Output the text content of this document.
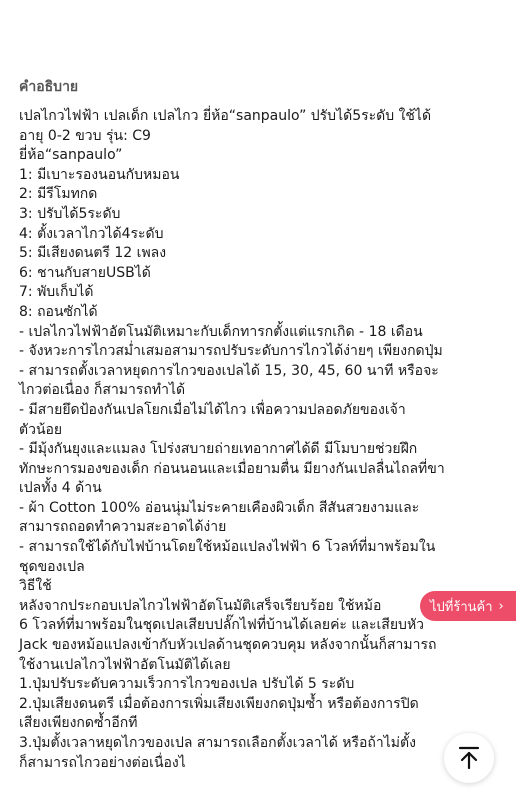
คำอธิบาย
เปลไกวไฟฟ้า เปลเด็ก เปลไกว ยี่ห้อ“sanpaulo” ปรับได้5ระดับ ใช้ได้
อายุ 0-2 ขวบ รุ่น: C9
ยี่ห้อ“sanpaulo”
1: มีเบาะรองนอนกับหมอน
2: มีรีโมทกด
3: ปรับได้5ระดับ
4: ตั้งเวลาไกวได้4ระดับ
5: มีเสียงดนตรี 12 เพลง
6: ชานกับสายUSBได้
7: พับเก็บได้
8: ถอนซักได้
- เปลไกวไฟฟ้าอัตโนมัติเหมาะกับเด็กทารกตั้งแต่แรกเกิด - 18 เดือน
- จังหวะการไกวสม่ำเสมอสามารถปรับระดับการไกวได้ง่ายๆ เพียงกดปุ่ม
- สามารถตั้งเวลาหยุดการไกวของเปลได้ 15, 30, 45, 60 นาที หรือจะ
ไกวต่อเนื่อง ก็สามารถทำได้
- มีสายยึดป้องกันเปลโยกเมื่อไม่ได้ไกว เพื่อความปลอดภัยของเจ้า
ตัวน้อย
- มีมุ้งกันยุงและแมลง โปร่งสบายถ่ายเทอากาศได้ดี มีโมบายช่วยฝึก
ทักษะการมองของเด็ก ก่อนนอนและเมื่อยามตื่น มียางกันเปลลื่นไถลที่ขา
เปลทั้ง 4 ด้าน
- ผ้า Cotton 100% อ่อนนุ่มไม่ระคายเคืองผิวเด็ก สีสันสวยงามและ
สามารถถอดทำความสะอาดได้ง่าย
- สามารถใช้ได้กับไฟบ้านโดยใช้หม้อแปลงไฟฟ้า 6 โวลท์ที่มาพร้อมใน
ชุดของเปล
วิธีใช้
หลังจากประกอบเปลไกวไฟฟ้าอัตโนมัติเสร็จเรียบร้อย ใช้หม้อ
6 โวลท์ที่มาพร้อมในชุดเปลเสียบปลั๊กไฟที่บ้านได้เลยค่ะ และเสียบหัว
Jack ของหม้อแปลงเข้ากับหัวเปลด้านชุดควบคุม หลังจากนั้นก็สามารถ
ใช้งานเปลไกวไฟฟ้าอัตโนมัติได้เลย
1.ปุ่มปรับระดับความเร็วการไกวของเปล ปรับได้ 5 ระดับ
2.ปุ่มเสียงดนตรี เมื่อต้องการเพิ่มเสียงเพียงกดปุ่มซ้ำ หรือต้องการปิด
เสียงเพียงกดซ้ำอีกที
3.ปุ่มตั้งเวลาหยุดไกวของเปล สามารถเลือกตั้งเวลาได้ หรือถ้าไม่ตั้ง
ก็สามารถไกวอย่างต่อเนื่องไ
ไปที่ร้านค้า ›
